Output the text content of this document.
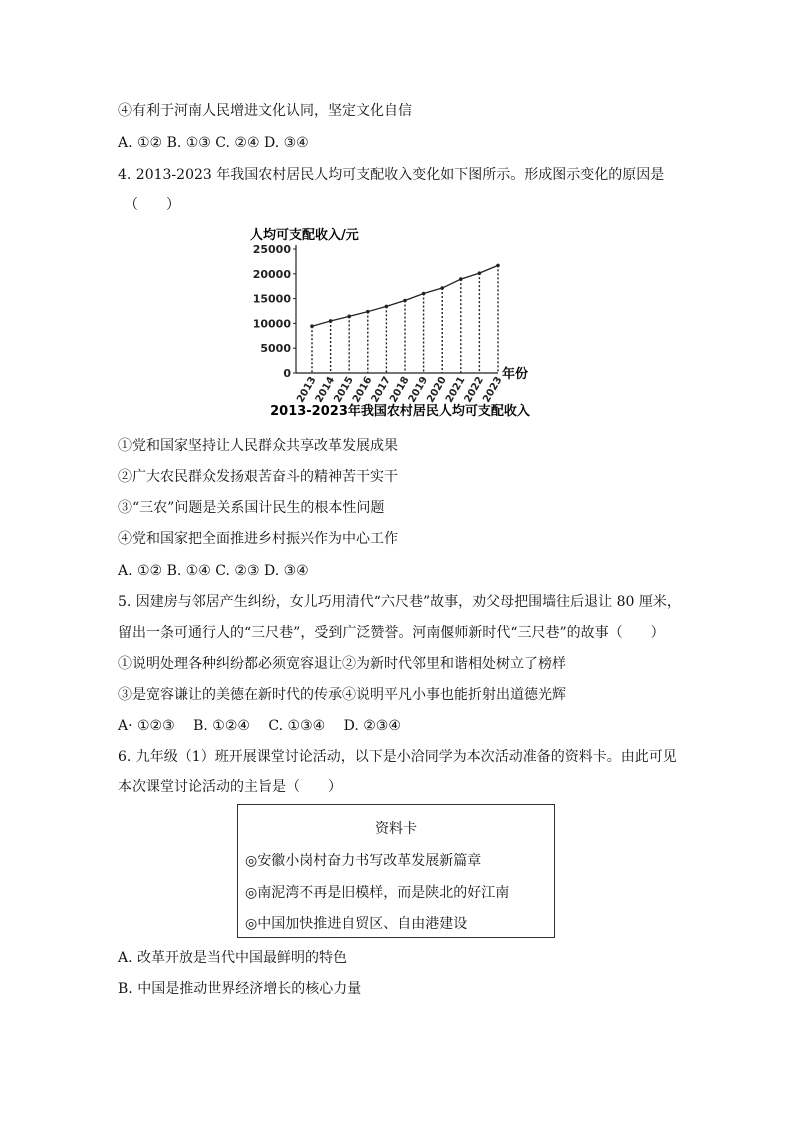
④有利于河南人民增进文化认同，坚定文化自信
A. ①② B. ①③ C. ②④ D. ③④
4. 2013-2023 年我国农村居民人均可支配收入变化如下图所示。形成图示变化的原因是
（　　）
人均可支配收入/元
年份
2013-2023年我国农村居民人均可支配收入
0
5000
10000
15000
20000
25000
2013
2014
2015
2016
2017
2018
2019
2020
2021
2022
2023
①党和国家坚持让人民群众共享改革发展成果
②广大农民群众发扬艰苦奋斗的精神苦干实干
③“三农”问题是关系国计民生的根本性问题
④党和国家把全面推进乡村振兴作为中心工作
A. ①② B. ①④ C. ②③ D. ③④
5. 因建房与邻居产生纠纷，女儿巧用清代“六尺巷”故事，劝父母把围墙往后退让 80 厘米，
留出一条可通行人的“三尺巷”，受到广泛赞誉。河南偃师新时代“三尺巷”的故事（　　）
①说明处理各种纠纷都必须宽容退让②为新时代邻里和谐相处树立了榜样
③是宽容谦让的美德在新时代的传承④说明平凡小事也能折射出道德光辉
A· ①②③　 B. ①②④　 C. ①③④　 D. ②③④
6. 九年级（1）班开展课堂讨论活动，以下是小洽同学为本次活动准备的资料卡。由此可见
本次课堂讨论活动的主旨是（　　）
资料卡
◎安徽小岗村奋力书写改革发展新篇章
◎南泥湾不再是旧模样，而是陕北的好江南
◎中国加快推进自贸区、自由港建设
A. 改革开放是当代中国最鲜明的特色
B. 中国是推动世界经济增长的核心力量
